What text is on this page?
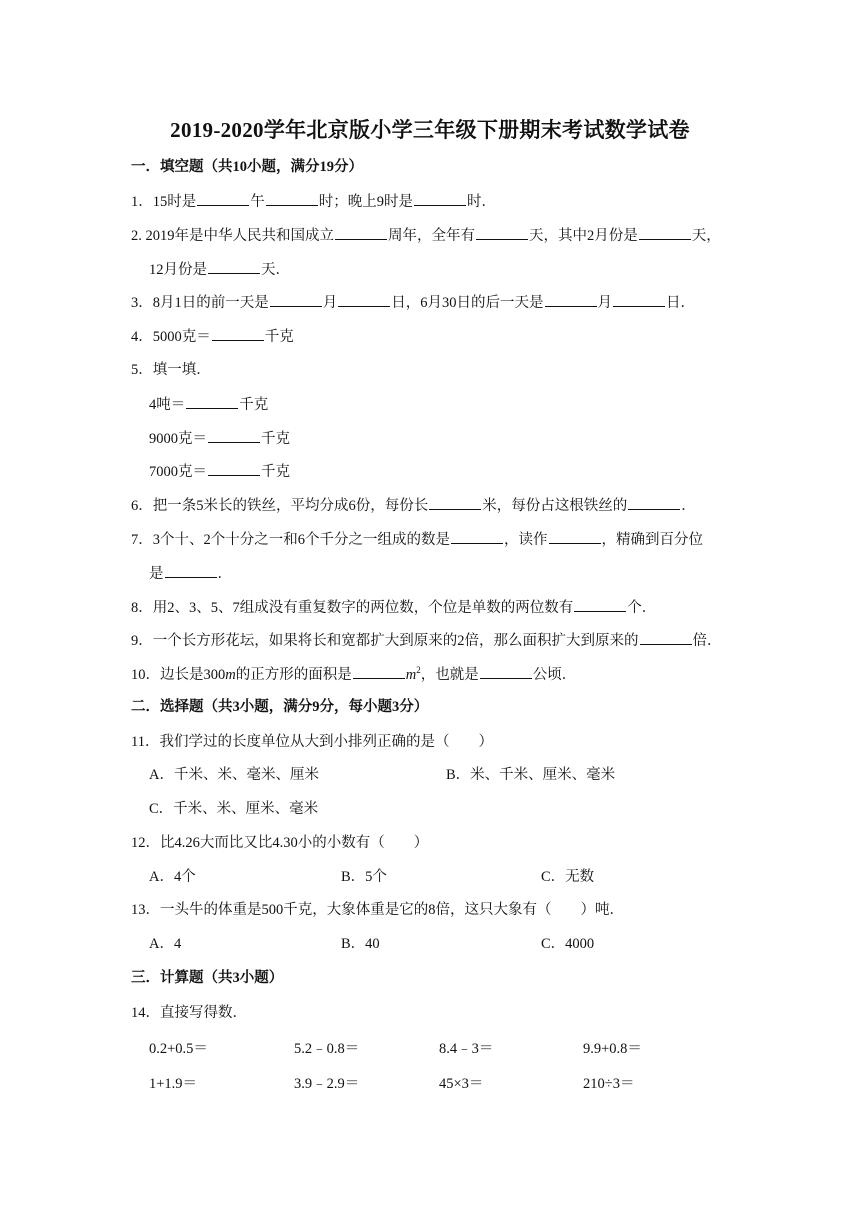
2019-2020学年北京版小学三年级下册期末考试数学试卷
一．填空题（共10小题，满分19分）
1．15时是	午	时；晚上9时是	时．
2. 2019年是中华人民共和国成立	周年，全年有	天，其中2月份是	天，
12月份是	天．
3．8月1日的前一天是	月	日，6月30日的后一天是	月	日．
4．5000克＝	千克
5．填一填．
4吨＝	千克
9000克＝	千克
7000克＝	千克
6．把一条5米长的铁丝，平均分成6份，每份长	米，每份占这根铁丝的	．
7．3个十、2个十分之一和6个千分之一组成的数是	，读作	，精确到百分位
是	．
8．用2、3、5、7组成没有重复数字的两位数，个位是单数的两位数有	个．
9．一个长方形花坛，如果将长和宽都扩大到原来的2倍，那么面积扩大到原来的	倍．
10．边长是300m的正方形的面积是	$m^2$，也就是	公顷．
二．选择题（共3小题，满分9分，每小题3分）
11．我们学过的长度单位从大到小排列正确的是（　　）
A．千米、米、毫米、厘米	B．米、千米、厘米、毫米
C．千米、米、厘米、毫米
12．比4.26大而比又比4.30小的小数有（　　）
A．4个	B．5个	C．无数
13．一头牛的体重是500千克，大象体重是它的8倍，这只大象有（　　）吨．
A．4	B．40	C．4000
三．计算题（共3小题）
14．直接写得数．
0.2+0.5＝	5.2﹣0.8＝	8.4﹣3＝	9.9+0.8＝
1+1.9＝	3.9﹣2.9＝	45×3＝	210÷3＝
